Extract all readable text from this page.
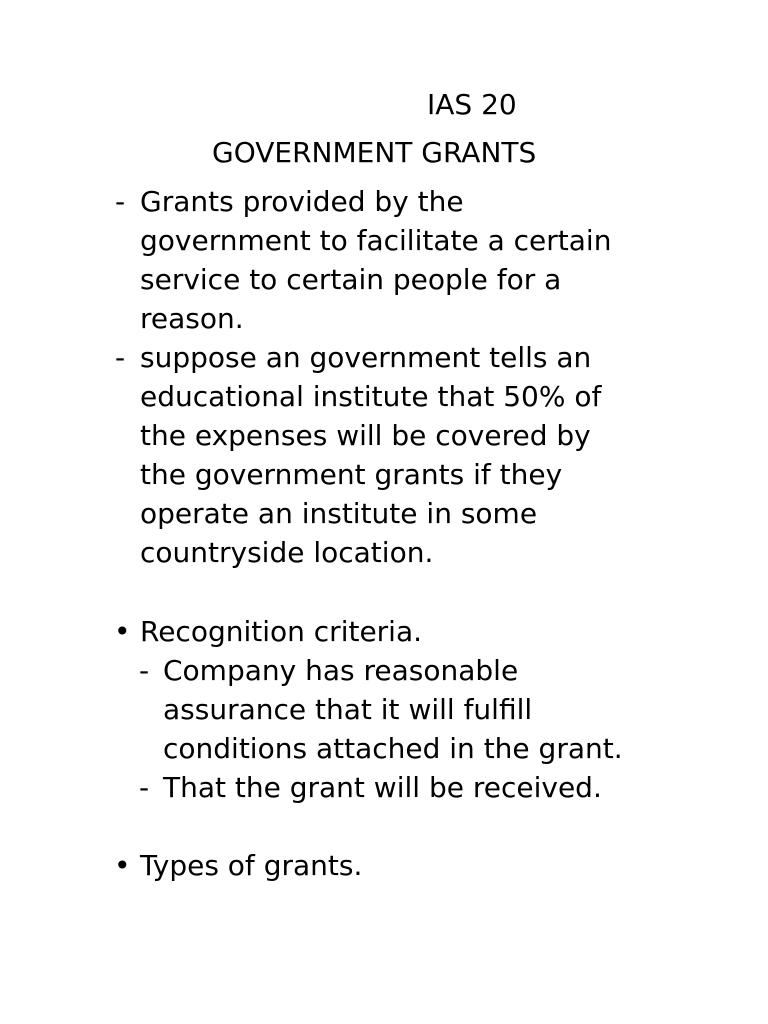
IAS 20
GOVERNMENT GRANTS
- Grants provided by the
government to facilitate a certain
service to certain people for a
reason.
- suppose an government tells an
educational institute that 50% of
the expenses will be covered by
the government grants if they
operate an institute in some
countryside location.
• Recognition criteria.
- Company has reasonable
assurance that it will fulfill
conditions attached in the grant.
- That the grant will be received.
• Types of grants.
